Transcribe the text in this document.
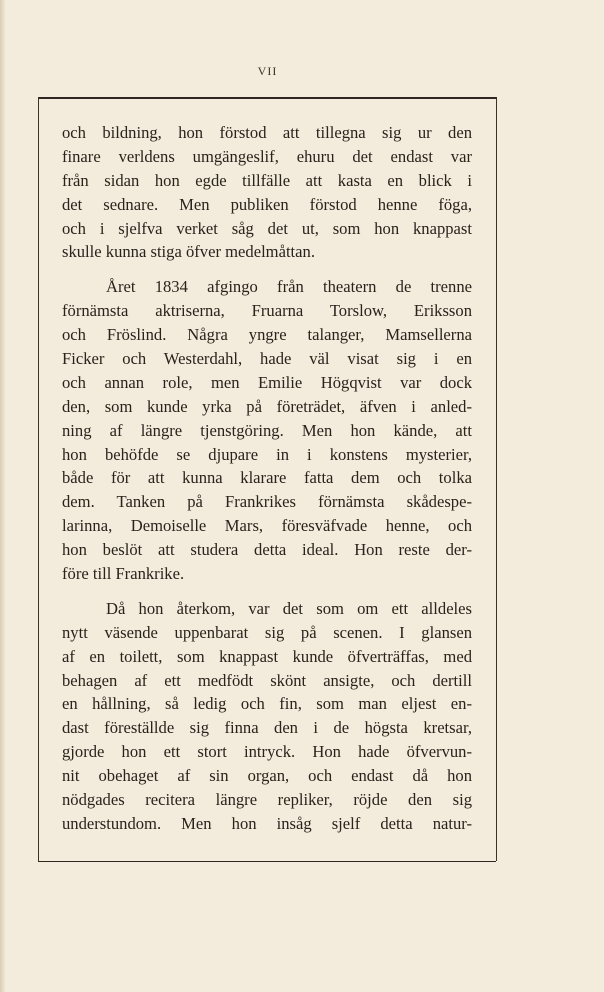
VII
och bildning, hon förstod att tillegna sig ur den
finare verldens umgängeslif, ehuru det endast var
från sidan hon egde tillfälle att kasta en blick i
det sednare. Men publiken förstod henne föga,
och i sjelfva verket såg det ut, som hon knappast
skulle kunna stiga öfver medelmåttan.
Året 1834 afgingo från theatern de trenne
förnämsta aktriserna, Fruarna Torslow, Eriksson
och Fröslind. Några yngre talanger, Mamsellerna
Ficker och Westerdahl, hade väl visat sig i en
och annan role, men Emilie Högqvist var dock
den, som kunde yrka på företrädet, äfven i anled-
ning af längre tjenstgöring. Men hon kände, att
hon behöfde se djupare in i konstens mysterier,
både för att kunna klarare fatta dem och tolka
dem. Tanken på Frankrikes förnämsta skådespe-
larinna, Demoiselle Mars, föresväfvade henne, och
hon beslöt att studera detta ideal. Hon reste der-
före till Frankrike.
Då hon återkom, var det som om ett alldeles
nytt väsende uppenbarat sig på scenen. I glansen
af en toilett, som knappast kunde öfverträffas, med
behagen af ett medfödt skönt ansigte, och dertill
en hållning, så ledig och fin, som man eljest en-
dast föreställde sig finna den i de högsta kretsar,
gjorde hon ett stort intryck. Hon hade öfvervun-
nit obehaget af sin organ, och endast då hon
nödgades recitera längre repliker, röjde den sig
understundom. Men hon insåg sjelf detta natur-
